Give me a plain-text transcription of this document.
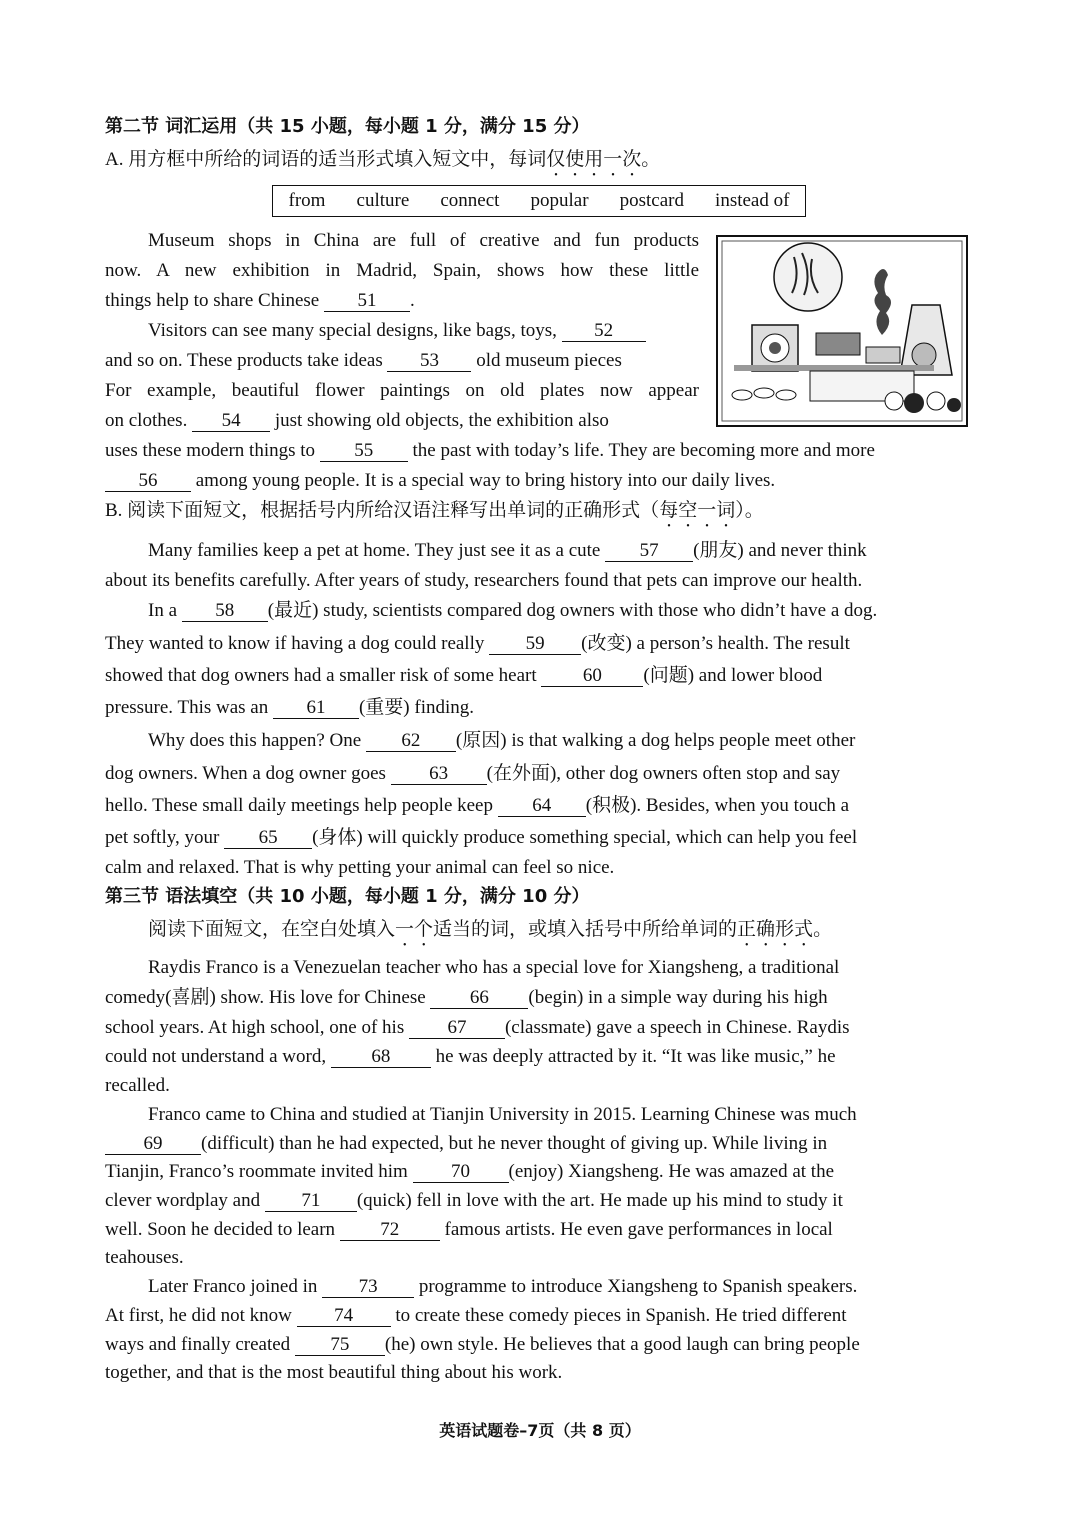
第二节 词汇运用（共 15 小题，每小题 1 分，满分 15 分）
A. 用方框中所给的词语的适当形式填入短文中，每词仅使用一次。
from culture connect popular postcard instead of
Museum shops in China are full of creative and fun products
now. A new exhibition in Madrid, Spain, shows how these little
things help to share Chinese 51 .
Visitors can see many special designs, like bags, toys, 52
and so on. These products take ideas 53 old museum pieces
For example, beautiful flower paintings on old plates now appear
on clothes. 54 just showing old objects, the exhibition also
uses these modern things to 55 the past with today’s life. They are becoming more and more
56 among young people. It is a special way to bring history into our daily lives.
B. 阅读下面短文，根据括号内所给汉语注释写出单词的正确形式（每空一词）。
Many families keep a pet at home. They just see it as a cute 57 (朋友) and never think
about its benefits carefully. After years of study, researchers found that pets can improve our health.
In a 58 (最近) study, scientists compared dog owners with those who didn’t have a dog.
They wanted to know if having a dog could really 59 (改变) a person’s health. The result
showed that dog owners had a smaller risk of some heart 60 (问题) and lower blood
pressure. This was an 61 (重要) finding.
Why does this happen? One 62 (原因) is that walking a dog helps people meet other
dog owners. When a dog owner goes 63 (在外面), other dog owners often stop and say
hello. These small daily meetings help people keep 64 (积极). Besides, when you touch a
pet softly, your 65 (身体) will quickly produce something special, which can help you feel
calm and relaxed. That is why petting your animal can feel so nice.
第三节 语法填空（共 10 小题，每小题 1 分，满分 10 分）
阅读下面短文，在空白处填入一个适当的词，或填入括号中所给单词的正确形式。
Raydis Franco is a Venezuelan teacher who has a special love for Xiangsheng, a traditional
comedy(喜剧) show. His love for Chinese 66 (begin) in a simple way during his high
school years. At high school, one of his 67 (classmate) gave a speech in Chinese. Raydis
could not understand a word, 68 he was deeply attracted by it. “It was like music,” he
recalled.
Franco came to China and studied at Tianjin University in 2015. Learning Chinese was much
69 (difficult) than he had expected, but he never thought of giving up. While living in
Tianjin, Franco’s roommate invited him 70 (enjoy) Xiangsheng. He was amazed at the
clever wordplay and 71 (quick) fell in love with the art. He made up his mind to study it
well. Soon he decided to learn 72 famous artists. He even gave performances in local
teahouses.
Later Franco joined in 73 programme to introduce Xiangsheng to Spanish speakers.
At first, he did not know 74 to create these comedy pieces in Spanish. He tried different
ways and finally created 75 (he) own style. He believes that a good laugh can bring people
together, and that is the most beautiful thing about his work.
英语试题卷–7页（共 8 页）
